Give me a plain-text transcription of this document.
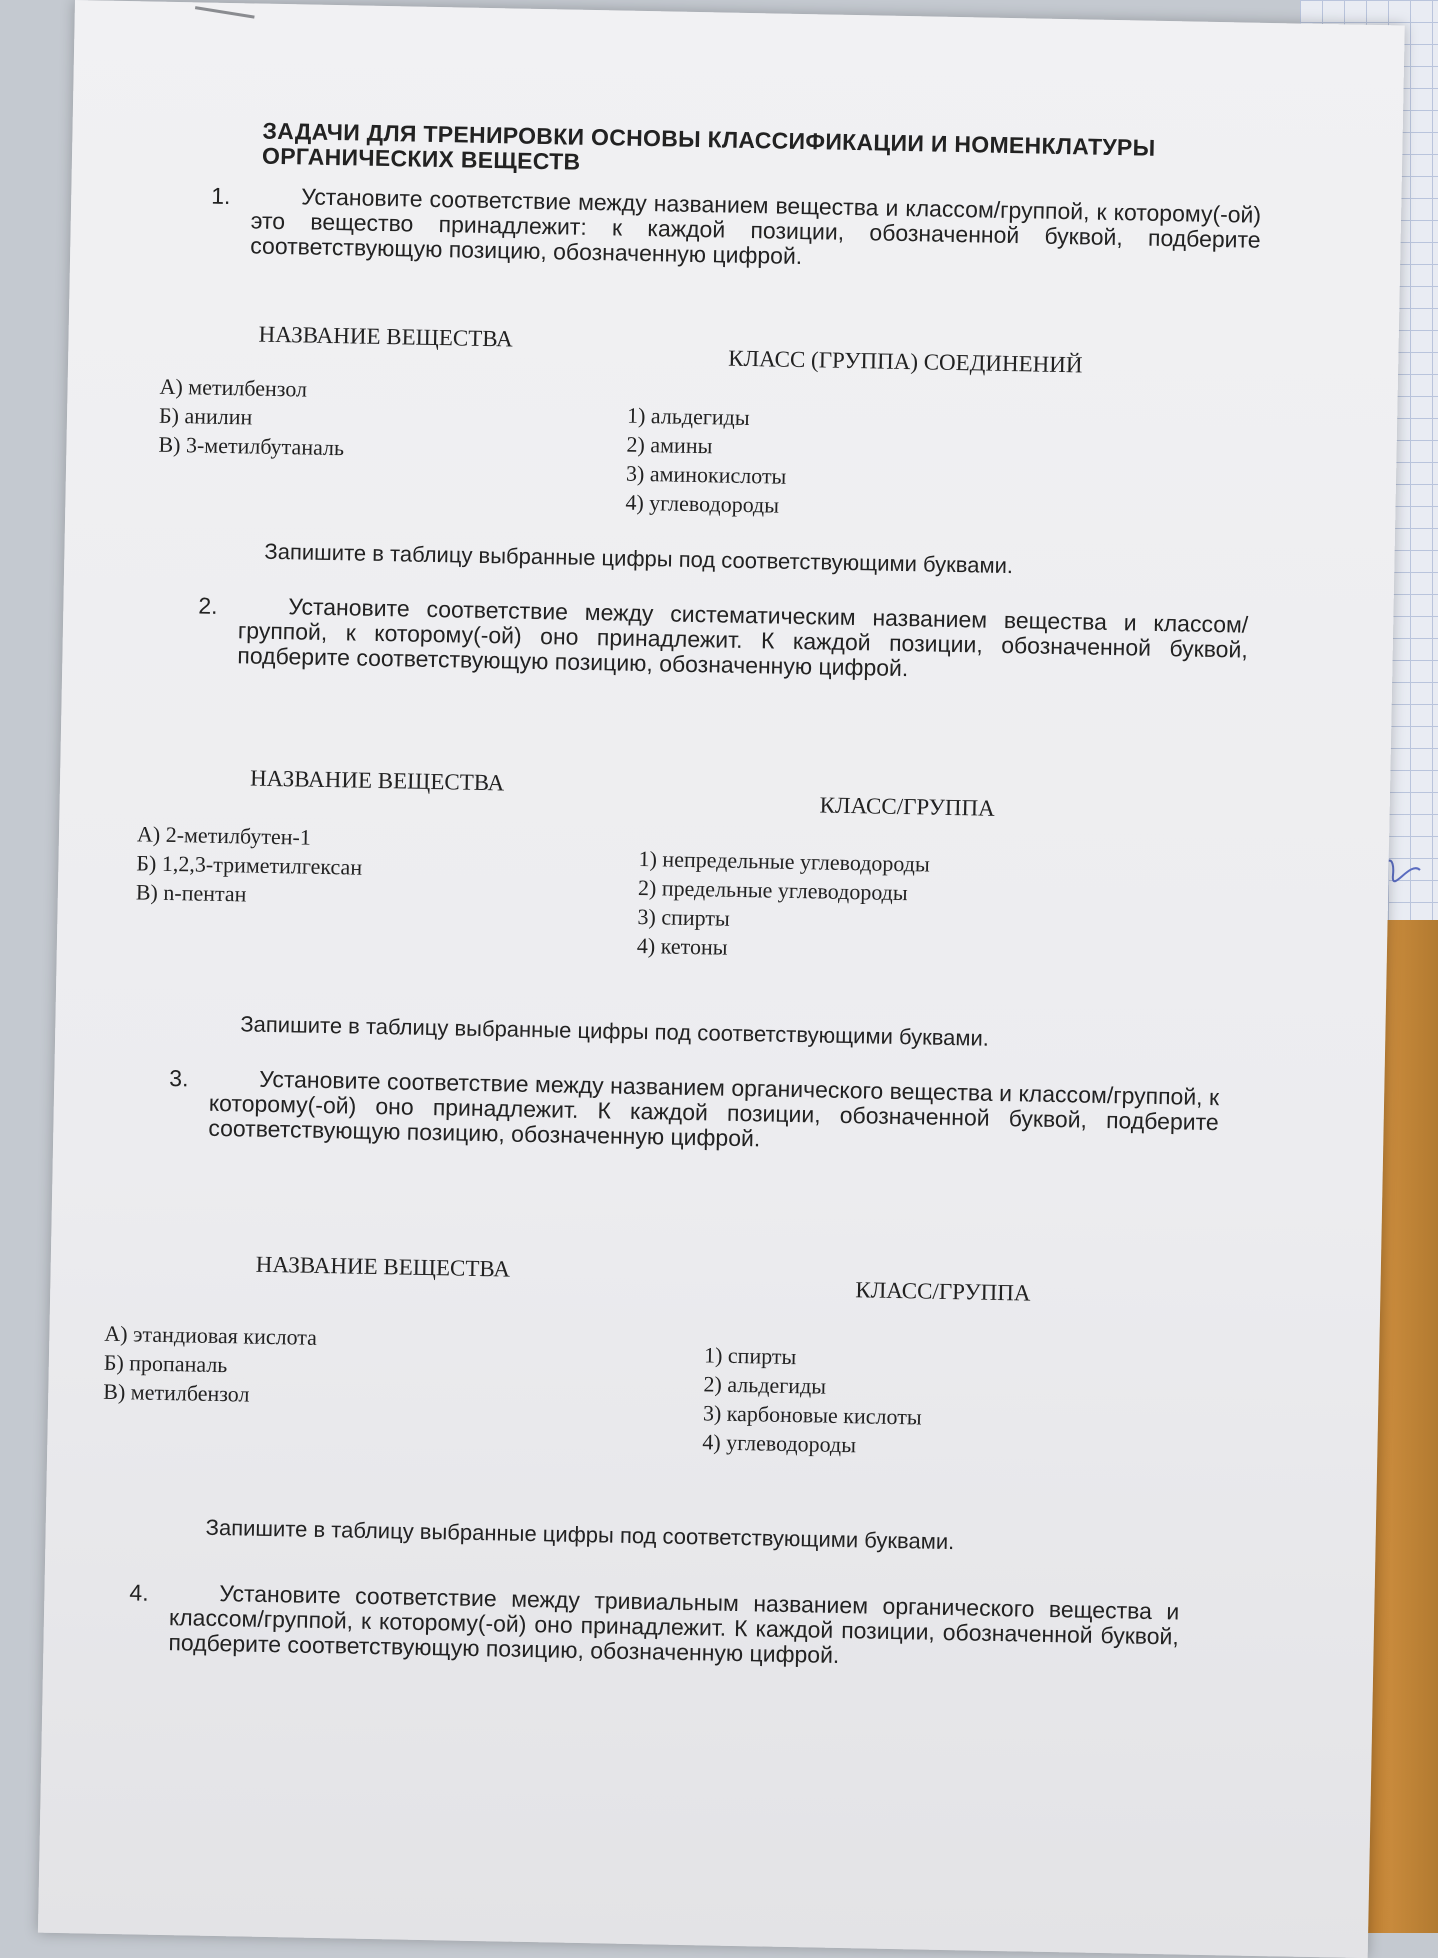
ЗАДАЧИ ДЛЯ ТРЕНИРОВКИ ОСНОВЫ КЛАССИФИКАЦИИ И НОМЕНКЛАТУРЫ ОРГАНИЧЕСКИХ ВЕЩЕСТВ
1.	Установите соответствие между названием вещества и классом/группой, к которому(-ой) это вещество принадлежит: к каждой позиции, обозначенной буквой, подберите соответствующую позицию, обозначенную цифрой.
НАЗВАНИЕ ВЕЩЕСТВА
КЛАСС (ГРУППА) СОЕДИНЕНИЙ
А) метилбензол
Б) анилин
В) 3-метилбутаналь
1) альдегиды
2) амины
3) аминокислоты
4) углеводороды
Запишите в таблицу выбранные цифры под соответствующими буквами.
2.	Установите соответствие между систематическим названием вещества и классом/группой, к которому(-ой) оно принадлежит. К каждой позиции, обозначенной буквой, подберите соответствующую позицию, обозначенную цифрой.
НАЗВАНИЕ ВЕЩЕСТВА
КЛАСС/ГРУППА
А) 2-метилбутен-1
Б) 1,2,3-триметилгексан
В) n-пентан
1) непредельные углеводороды
2) предельные углеводороды
3) спирты
4) кетоны
Запишите в таблицу выбранные цифры под соответствующими буквами.
3.	Установите соответствие между названием органического вещества и классом/группой, к которому(-ой) оно принадлежит. К каждой позиции, обозначенной буквой, подберите соответствующую позицию, обозначенную цифрой.
НАЗВАНИЕ ВЕЩЕСТВА
КЛАСС/ГРУППА
А) этандиовая кислота
Б) пропаналь
В) метилбензол
1) спирты
2) альдегиды
3) карбоновые кислоты
4) углеводороды
Запишите в таблицу выбранные цифры под соответствующими буквами.
4.	Установите соответствие между тривиальным названием органического вещества и классом/группой, к которому(-ой) оно принадлежит. К каждой позиции, обозначенной буквой, подберите соответствующую позицию, обозначенную цифрой.
